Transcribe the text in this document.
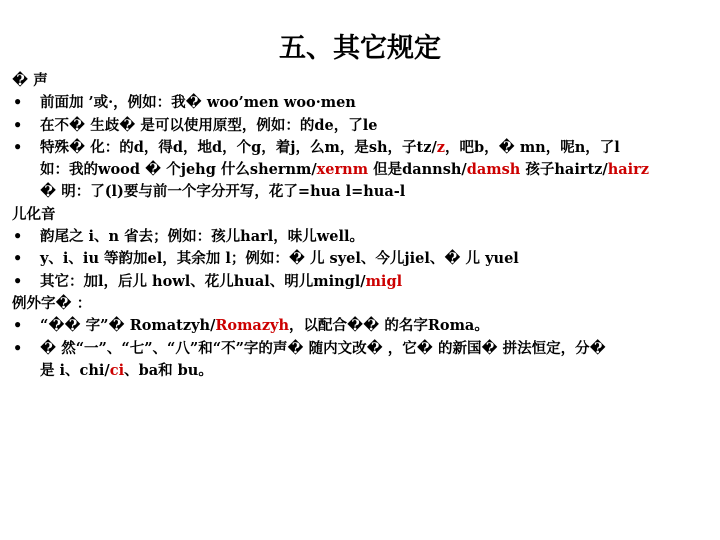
五、其它规定
� 声
• 前面加 ’或·，例如：我� woo’men woo·men
• 在不� 生歧� 是可以使用原型，例如：的de，了le
• 特殊� 化：的d，得d，地d，个g，着j，么m，是sh，子tz/z，吧b，� mn，呢n，了l
如：我的wood � 个jehg 什么shernm/xernm 但是dannsh/damsh 孩子hairtz/hairz
� 明：了(l)要与前一个字分开写，花了=hua l=hua-l
儿化音
• 韵尾之 i、n 省去；例如：孩儿harl，味儿well。
• y、i、iu 等韵加el，其余加 l；例如：� 儿 syel、今儿jiel、� 儿 yuel
• 其它：加l，后儿 howl、花儿hual、明儿mingl/migl
例外字� ：
• “�� 字”� Romatzyh/Romazyh，以配合�� 的名字Roma。
• � 然“一”、“七”、“八”和“不”字的声� 随内文改� ，它� 的新国� 拼法恒定，分�
是 i、chi/ci、ba和 bu。
